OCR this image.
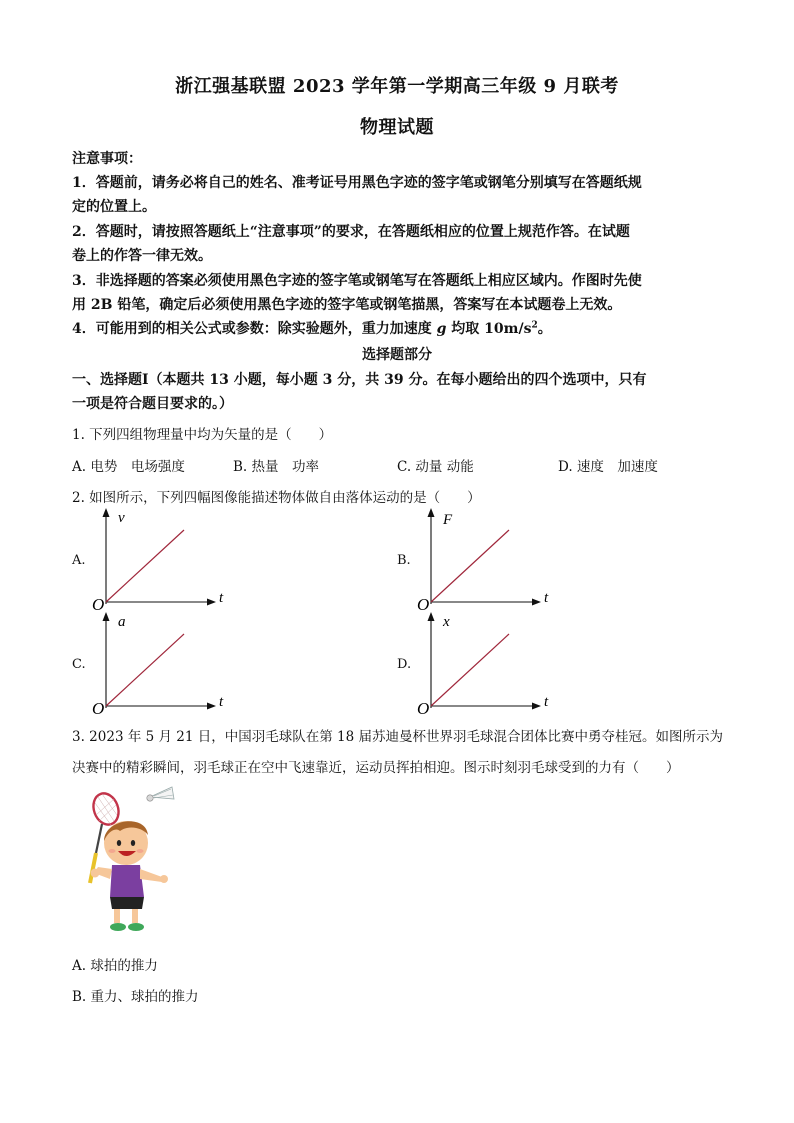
浙江强基联盟 2023 学年第一学期高三年级 9 月联考
物理试题
注意事项：
1．答题前，请务必将自己的姓名、准考证号用黑色字迹的签字笔或钢笔分别填写在答题纸规
定的位置上。
2．答题时，请按照答题纸上“注意事项”的要求，在答题纸相应的位置上规范作答。在试题
卷上的作答一律无效。
3．非选择题的答案必须使用黑色字迹的签字笔或钢笔写在答题纸上相应区域内。作图时先使
用 2B 铅笔，确定后必须使用黑色字迹的签字笔或钢笔描黑，答案写在本试题卷上无效。
4．可能用到的相关公式或参数：除实验题外，重力加速度 g 均取 $10m/s^2$。
选择题部分
一、选择题Ⅰ（本题共 13 小题，每小题 3 分，共 39 分。在每小题给出的四个选项中，只有
一项是符合题目要求的。）
1. 下列四组物理量中均为矢量的是（　　）
A. 电势　电场强度	B. 热量　功率	C. 动量 动能	D. 速度　加速度
2. 如图所示，下列四幅图像能描述物体做自由落体运动的是（　　）
A.	B.
C.	D.
v
t
O
F
t
O
a
t
O
x
t
O
3. 2023 年 5 月 21 日，中国羽毛球队在第 18 届苏迪曼杯世界羽毛球混合团体比赛中勇夺桂冠。如图所示为
决赛中的精彩瞬间，羽毛球正在空中飞速靠近，运动员挥拍相迎。图示时刻羽毛球受到的力有（　　）
A. 球拍的推力
B. 重力、球拍的推力
